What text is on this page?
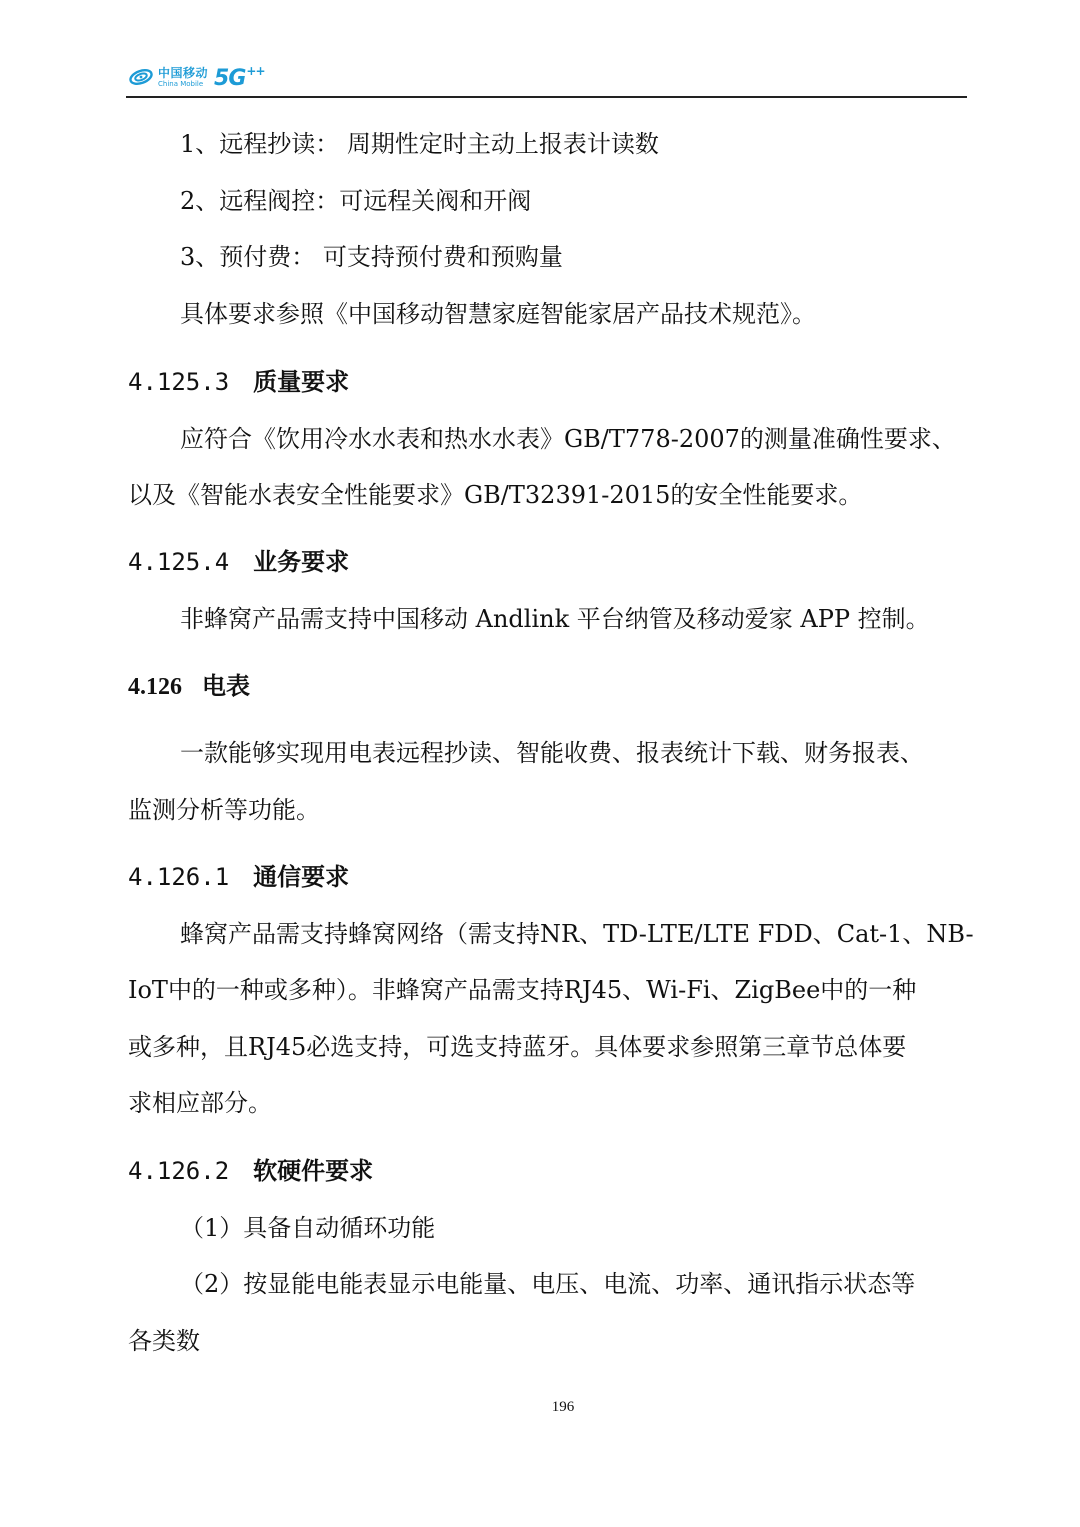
中国移动
China Mobile 5G++

1、远程抄读： 周期性定时主动上报表计读数

2、远程阀控：可远程关阀和开阀

3、预付费： 可支持预付费和预购量

具体要求参照《中国移动智慧家庭智能家居产品技术规范》。

4.125.3 质量要求

应符合《饮用冷水水表和热水水表》GB/T778-2007的测量准确性要求、

以及《智能水表安全性能要求》GB/T32391-2015的安全性能要求。

4.125.4 业务要求

非蜂窝产品需支持中国移动 Andlink 平台纳管及移动爱家 APP 控制。

4.126 电表

一款能够实现用电表远程抄读、智能收费、报表统计下载、财务报表、

监测分析等功能。

4.126.1 通信要求

蜂窝产品需支持蜂窝网络（需支持NR、TD-LTE/LTE FDD、Cat-1、NB-

IoT中的一种或多种）。非蜂窝产品需支持RJ45、Wi-Fi、ZigBee中的一种

或多种，且RJ45必选支持，可选支持蓝牙。具体要求参照第三章节总体要

求相应部分。

4.126.2 软硬件要求

（1）具备自动循环功能

（2）按显能电能表显示电能量、电压、电流、功率、通讯指示状态等

各类数

196
